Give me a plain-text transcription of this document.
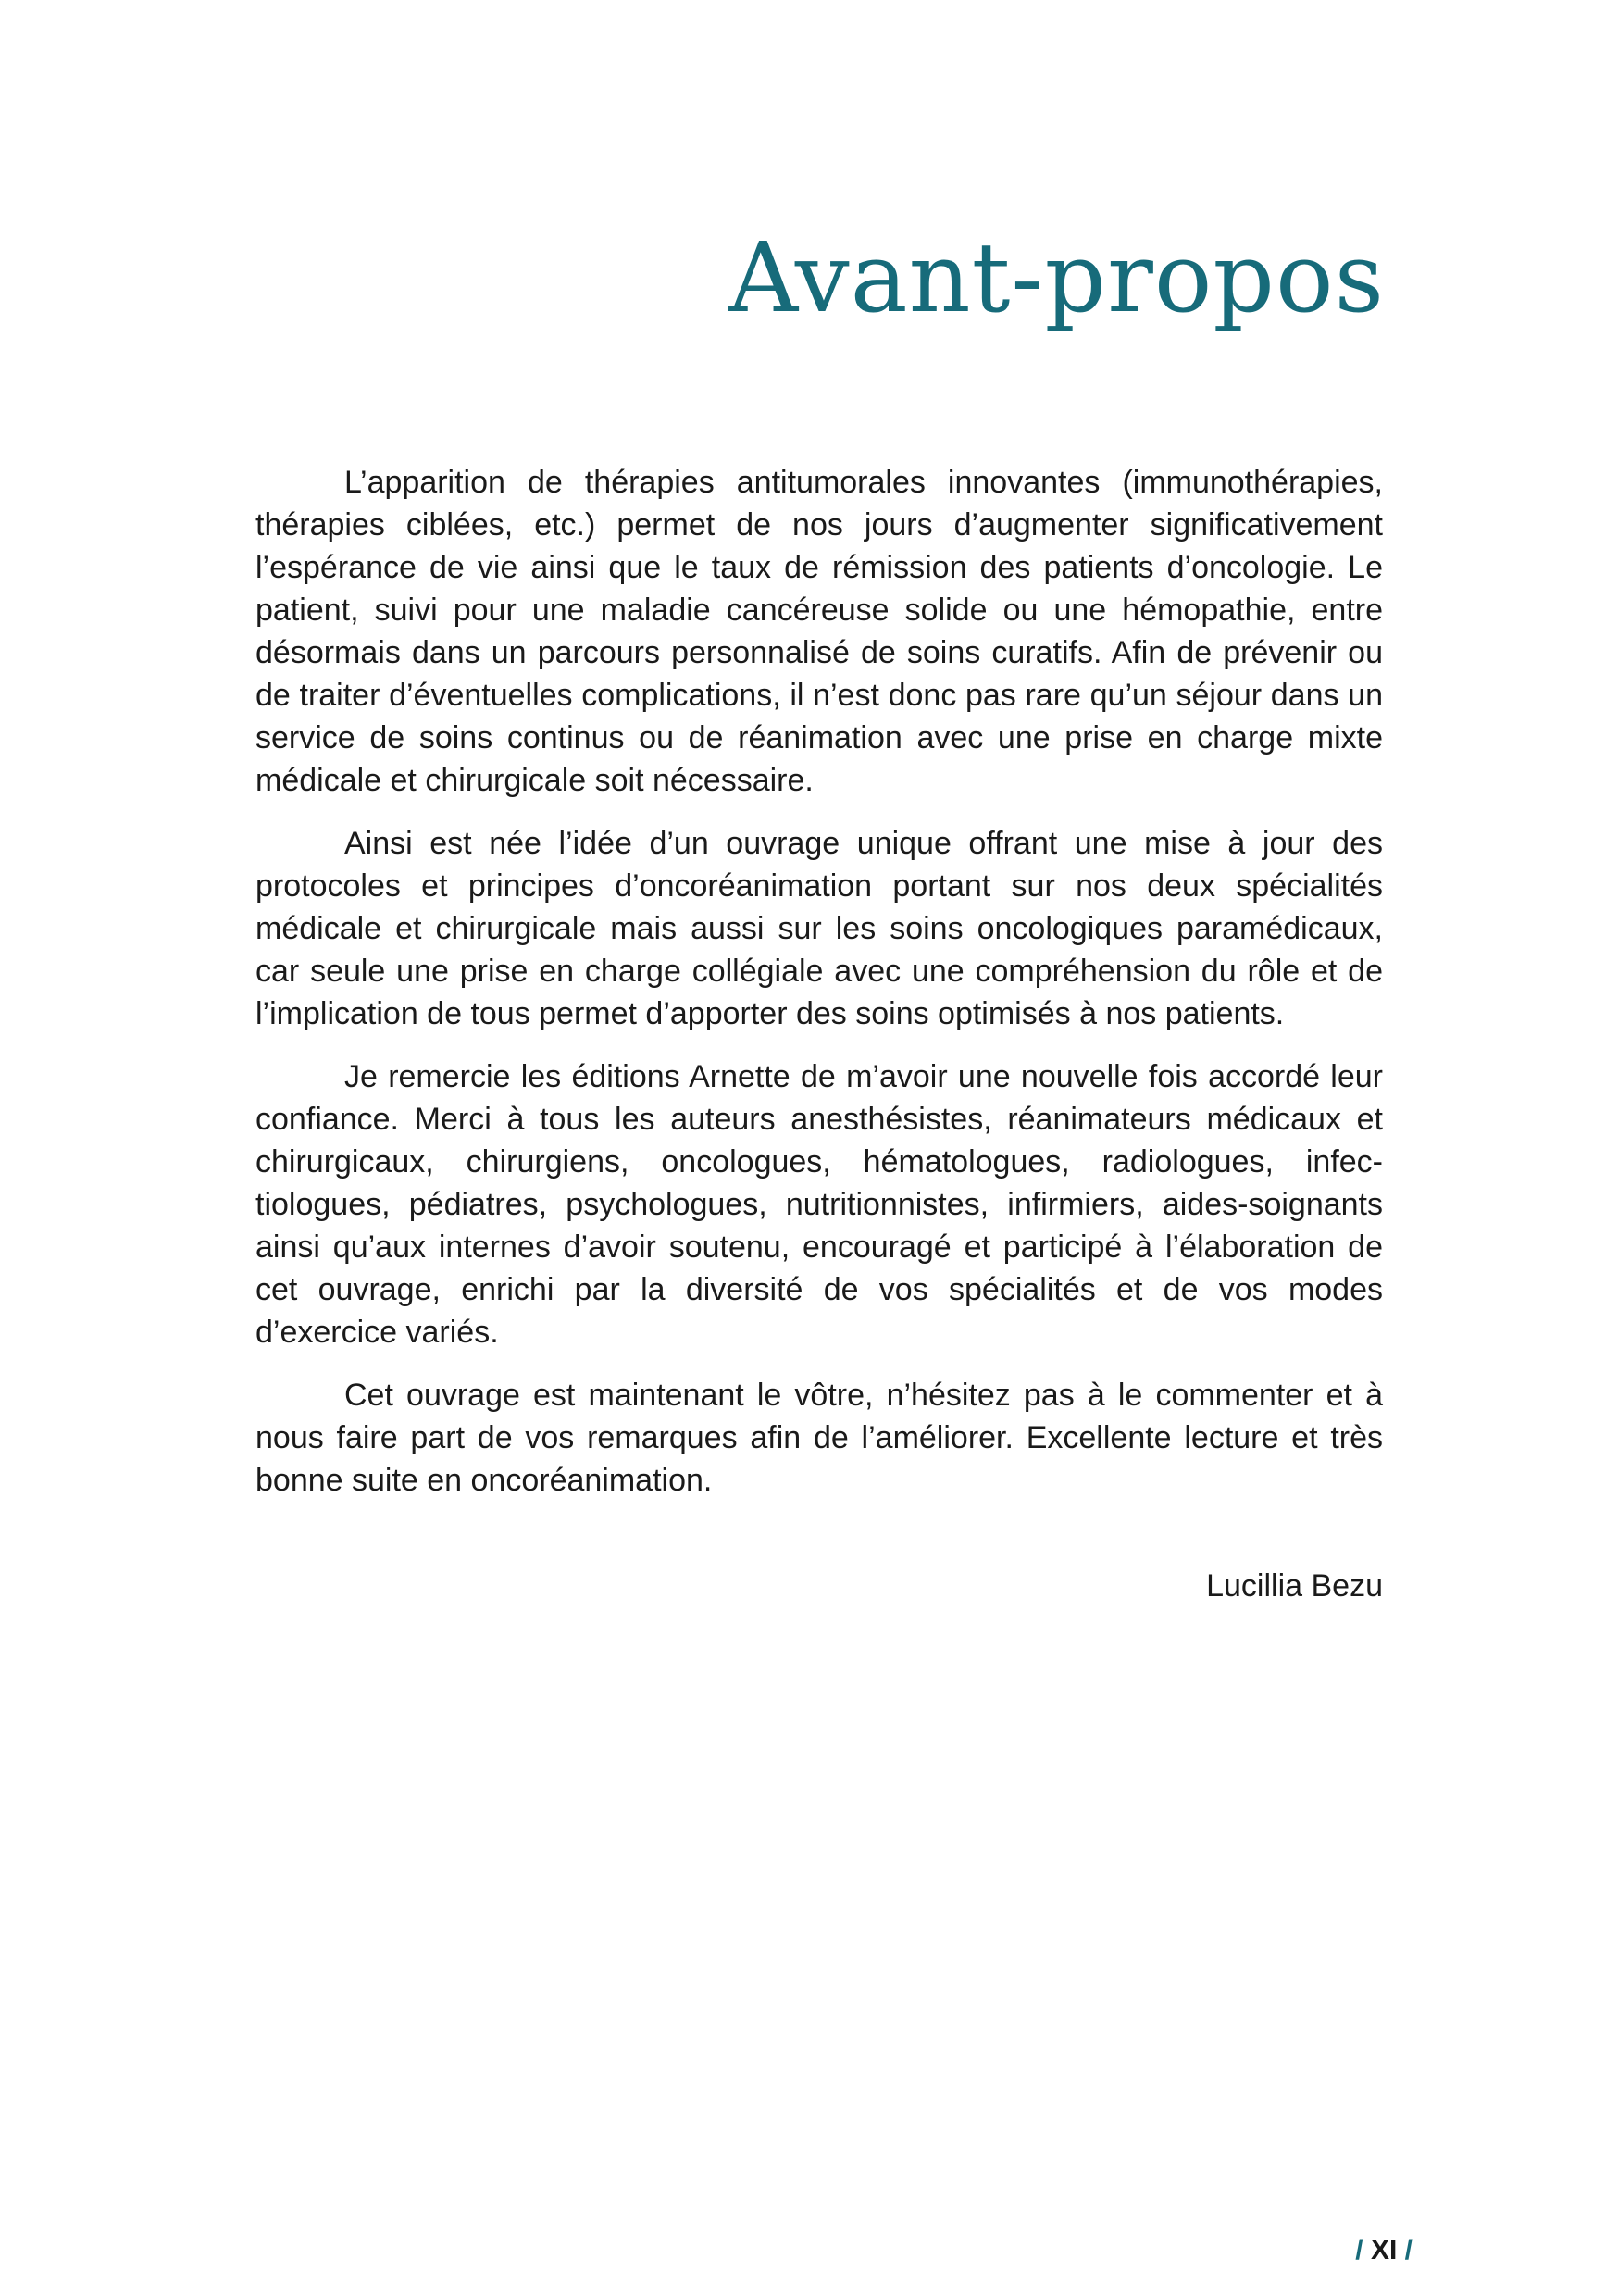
Avant-propos

L’apparition de thérapies antitumorales innovantes (immunothérapies, thérapies ciblées, etc.) permet de nos jours d’augmenter significativement l’espérance de vie ainsi que le taux de rémission des patients d’oncologie. Le patient, suivi pour une maladie cancéreuse solide ou une hémopathie, entre désormais dans un parcours personnalisé de soins curatifs. Afin de prévenir ou de traiter d’éventuelles complications, il n’est donc pas rare qu’un séjour dans un service de soins continus ou de réanimation avec une prise en charge mixte médicale et chirurgicale soit nécessaire.

Ainsi est née l’idée d’un ouvrage unique offrant une mise à jour des protocoles et principes d’oncoréanimation portant sur nos deux spécialités médicale et chirurgicale mais aussi sur les soins oncologiques paramédicaux, car seule une prise en charge collégiale avec une compréhension du rôle et de l’implication de tous permet d’apporter des soins optimisés à nos patients.

Je remercie les éditions Arnette de m’avoir une nouvelle fois accordé leur confiance. Merci à tous les auteurs anesthésistes, réanimateurs médicaux et chirurgicaux, chirurgiens, oncologues, hématologues, radiologues, infectiologues, pédiatres, psychologues, nutritionnistes, infirmiers, aides-soignants ainsi qu’aux internes d’avoir soutenu, encouragé et participé à l’élaboration de cet ouvrage, enrichi par la diversité de vos spécialités et de vos modes d’exercice variés.

Cet ouvrage est maintenant le vôtre, n’hésitez pas à le commenter et à nous faire part de vos remarques afin de l’améliorer. Excellente lecture et très bonne suite en oncoréanimation.

Lucillia Bezu

/ XI /
